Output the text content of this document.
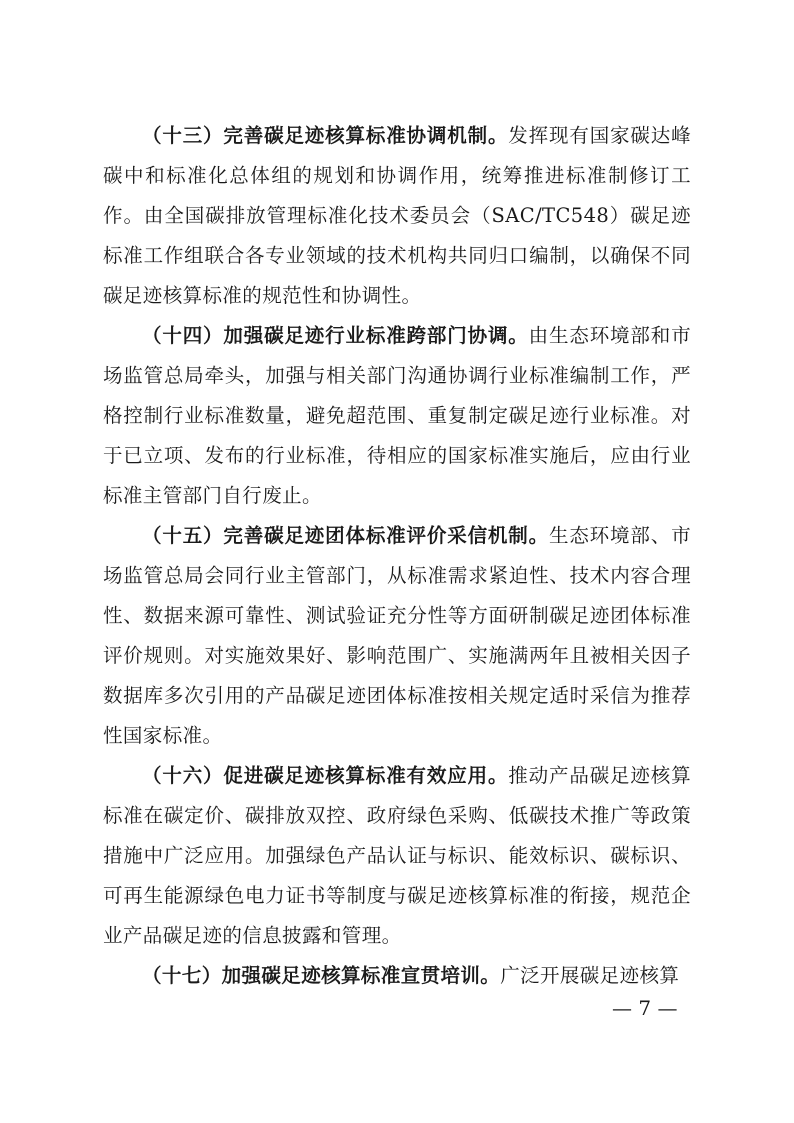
（十三）完善碳足迹核算标准协调机制。发挥现有国家碳达峰碳中和标准化总体组的规划和协调作用，统筹推进标准制修订工作。由全国碳排放管理标准化技术委员会（SAC/TC548）碳足迹标准工作组联合各专业领域的技术机构共同归口编制，以确保不同碳足迹核算标准的规范性和协调性。

（十四）加强碳足迹行业标准跨部门协调。由生态环境部和市场监管总局牵头，加强与相关部门沟通协调行业标准编制工作，严格控制行业标准数量，避免超范围、重复制定碳足迹行业标准。对于已立项、发布的行业标准，待相应的国家标准实施后，应由行业标准主管部门自行废止。

（十五）完善碳足迹团体标准评价采信机制。生态环境部、市场监管总局会同行业主管部门，从标准需求紧迫性、技术内容合理性、数据来源可靠性、测试验证充分性等方面研制碳足迹团体标准评价规则。对实施效果好、影响范围广、实施满两年且被相关因子数据库多次引用的产品碳足迹团体标准按相关规定适时采信为推荐性国家标准。

（十六）促进碳足迹核算标准有效应用。推动产品碳足迹核算标准在碳定价、碳排放双控、政府绿色采购、低碳技术推广等政策措施中广泛应用。加强绿色产品认证与标识、能效标识、碳标识、可再生能源绿色电力证书等制度与碳足迹核算标准的衔接，规范企业产品碳足迹的信息披露和管理。

（十七）加强碳足迹核算标准宣贯培训。广泛开展碳足迹核算

— 7 —
